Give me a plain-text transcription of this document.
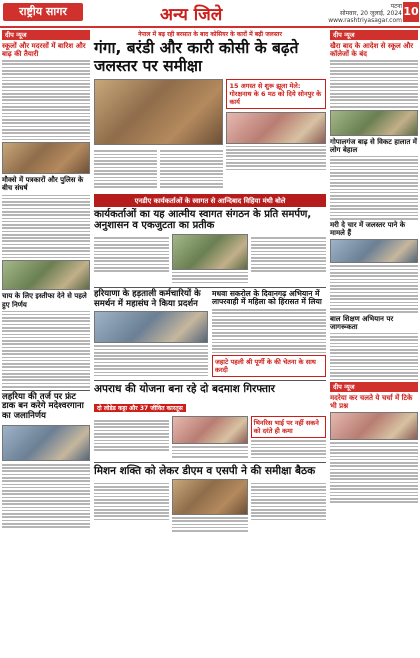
राष्ट्रीय सागर	अन्य जिले	पटना
सोमवार, 20 जुलाई, 2024
www.rashtriyasagar.com
10
दीप न्यूज
स्कूलों और मदरसों में बारिश और बाढ़ की तैयारी
मौक्से में पत्रकारों और पुलिस के बीच संघर्ष
चाय के लिए इस्तीफा देने से पहले हुए निर्णय
लहरिया की तर्ज पर फ्रंट डाक बन करेगे मदेश्वरगाना का जलानिर्णय
नेपाल में बढ़ रही बरसात के बाद कोसियर के कारों में बढ़ी जलस्तर
गंगा, बरंडी और कारी कोसी के बढ़ते जलस्तर पर समीक्षा
15 अगस्त से शुरू झूला मेले: गोरक्षनाथ के 6 मठ को दिये सोनपुर के कार्य
एनडीए कार्यकर्ताओं के स्वागत से आन्दिबाद विहिया मंथी बोले
कार्यकर्ताओं का यह आत्मीय स्वागत संगठन के प्रति समर्पण, अनुशासन व एकजुटता का प्रतीक
हरियाणा के हड़ताली कर्मचारियों के समर्थन में महासंघ ने किया प्रदर्शन
मधवा सकरोल के दिवानगढ़ अभियान में लापरवाही में महिला को हिरासत में लिया
जहाटे पहली श्री पूर्णी के की चेतना के साथ करदी
अपराध की योजना बना रहे दो बदमाश गिरफ्तार
दो लोडेड कट्टा और 37 जीवित कारतूस
भिनरिस भाई पर नहीं सकने को दरंते ही कमा
मिशन शक्ति को लेकर डीएम व एसपी ने की समीक्षा बैठक
दीप न्यूज
खैरा बाद के आदेश से स्कूल और कॉलेजों के बंद
गोपालगंज बाढ़ से विकट हालात में लोग बेहाल
मरी दे चार में जलस्तर पाने के मामले हैं
बाल शिक्षण अभियान पर जागरूकता
दीप न्यूज
मदरेया कर चलते ये चर्चा में टिके भी प्रश्न
